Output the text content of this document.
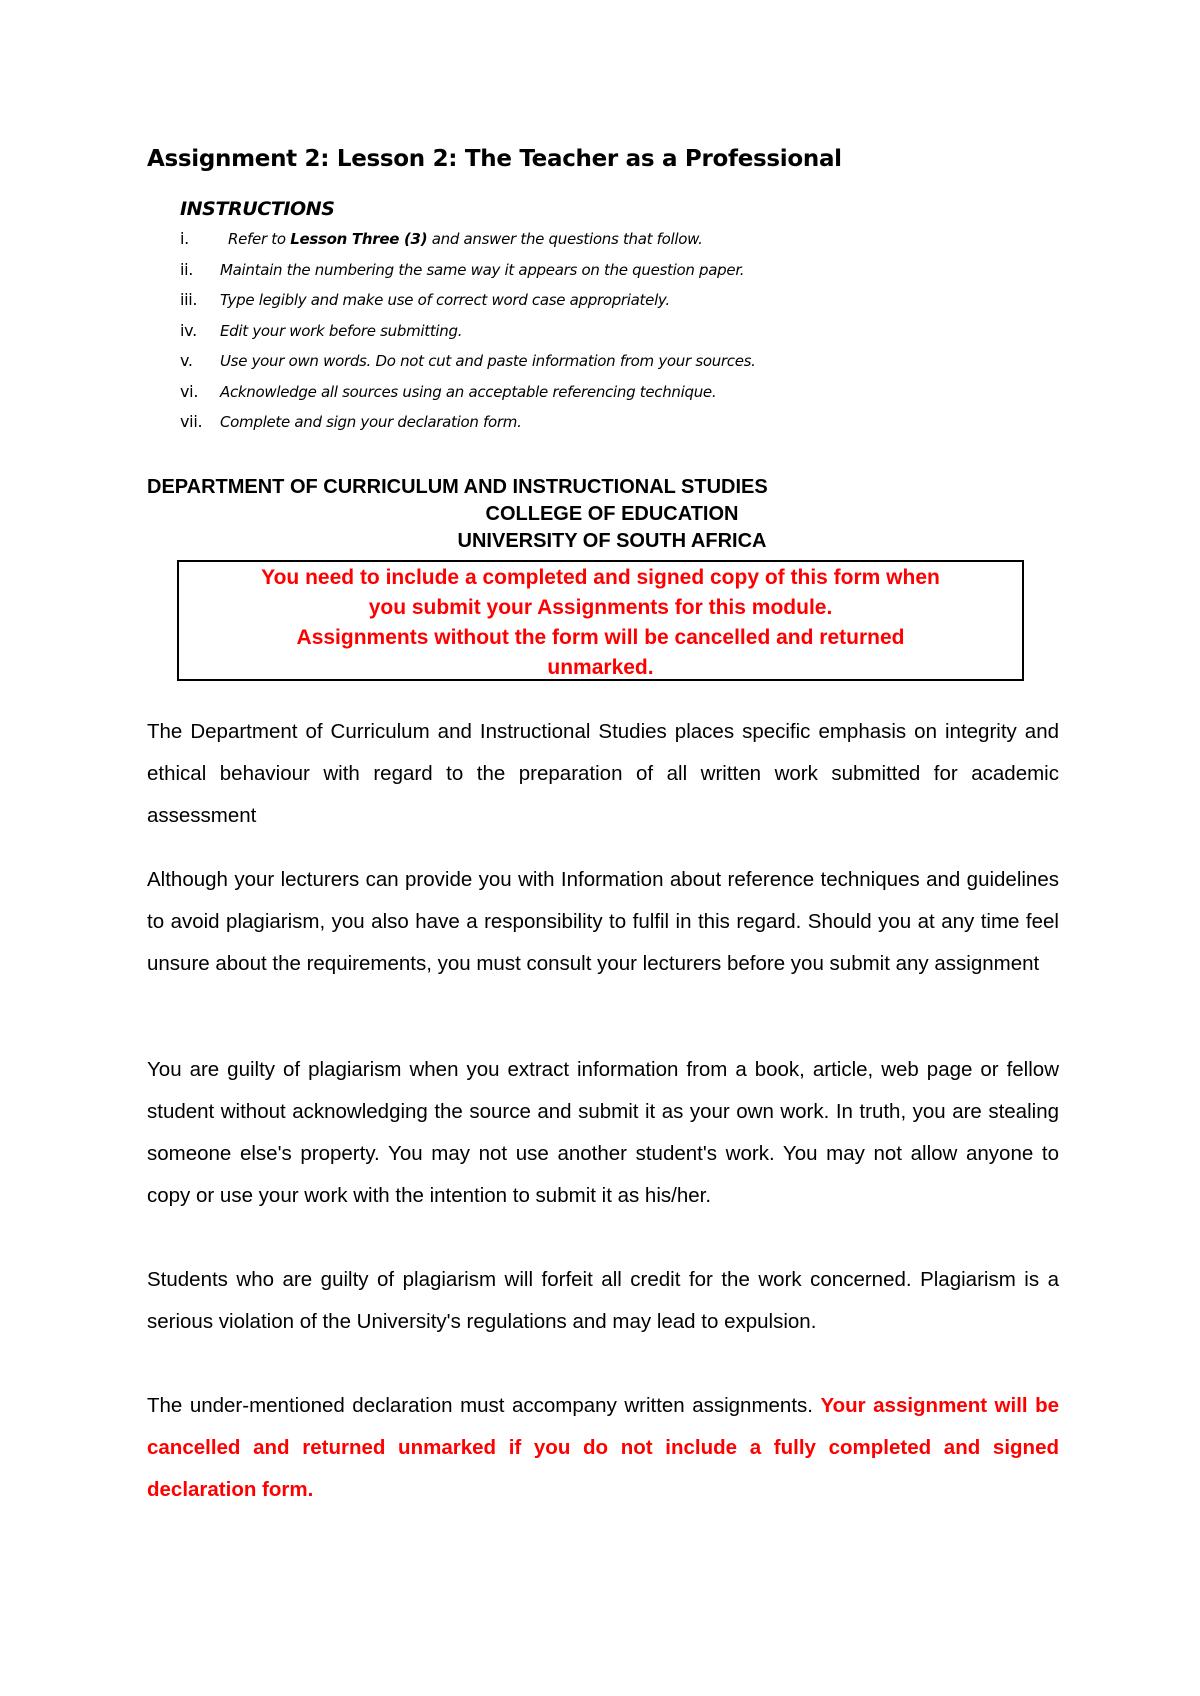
Assignment 2: Lesson 2: The Teacher as a Professional
INSTRUCTIONS
i.	Refer to Lesson Three (3) and answer the questions that follow.
ii. Maintain the numbering the same way it appears on the question paper.
iii. Type legibly and make use of correct word case appropriately.
iv. Edit your work before submitting.
v. Use your own words. Do not cut and paste information from your sources.
vi. Acknowledge all sources using an acceptable referencing technique.
vii. Complete and sign your declaration form.
DEPARTMENT OF CURRICULUM AND INSTRUCTIONAL STUDIES
COLLEGE OF EDUCATION
UNIVERSITY OF SOUTH AFRICA

You need to include a completed and signed copy of this form when

you submit your Assignments for this module.

Assignments without the form will be cancelled and returned

unmarked.

The Department of Curriculum and Instructional Studies places specific emphasis on integrity and ethical behaviour with regard to the preparation of all written work submitted for academic assessment

Although your lecturers can provide you with Information about reference techniques and guidelines to avoid plagiarism, you also have a responsibility to fulfil in this regard. Should you at any time feel unsure about the requirements, you must consult your lecturers before you submit any assignment

You are guilty of plagiarism when you extract information from a book, article, web page or fellow student without acknowledging the source and submit it as your own work. In truth, you are stealing someone else's property. You may not use another student's work. You may not allow anyone to copy or use your work with the intention to submit it as his/her.

Students who are guilty of plagiarism will forfeit all credit for the work concerned. Plagiarism is a serious violation of the University's regulations and may lead to expulsion.

The under-mentioned declaration must accompany written assignments. Your assignment will be cancelled and returned unmarked if you do not include a fully completed and signed declaration form.
